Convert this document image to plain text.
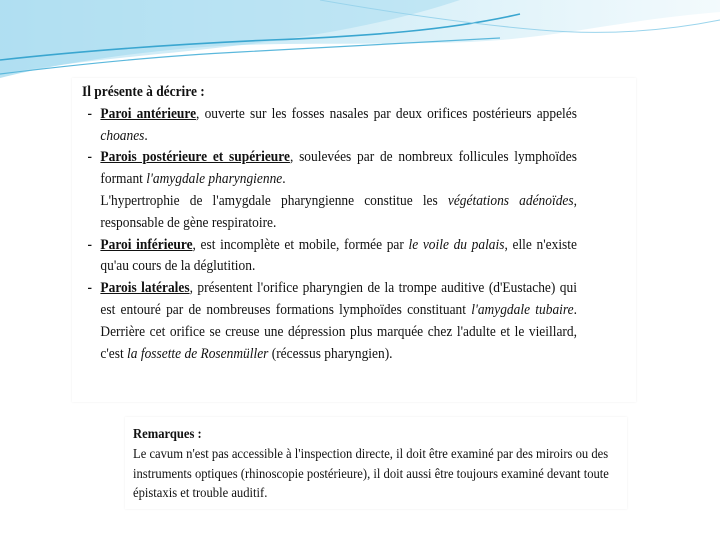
Il présente à décrire :

- Paroi antérieure, ouverte sur les fosses nasales par deux orifices postérieurs appelés choanes.

- Parois postérieure et supérieure, soulevées par de nombreux follicules lymphoïdes formant l'amygdale pharyngienne.

L'hypertrophie de l'amygdale pharyngienne constitue les végétations adénoïdes, responsable de gène respiratoire.

- Paroi inférieure, est incomplète et mobile, formée par le voile du palais, elle n'existe qu'au cours de la déglutition.

- Parois latérales, présentent l'orifice pharyngien de la trompe auditive (d'Eustache) qui est entouré par de nombreuses formations lymphoïdes constituant l'amygdale tubaire. Derrière cet orifice se creuse une dépression plus marquée chez l'adulte et le vieillard, c'est la fossette de Rosenmüller (récessus pharyngien).

Remarques :

Le cavum n'est pas accessible à l'inspection directe, il doit être examiné par des miroirs ou des instruments optiques (rhinoscopie postérieure), il doit aussi être toujours examiné devant toute épistaxis et trouble auditif.
